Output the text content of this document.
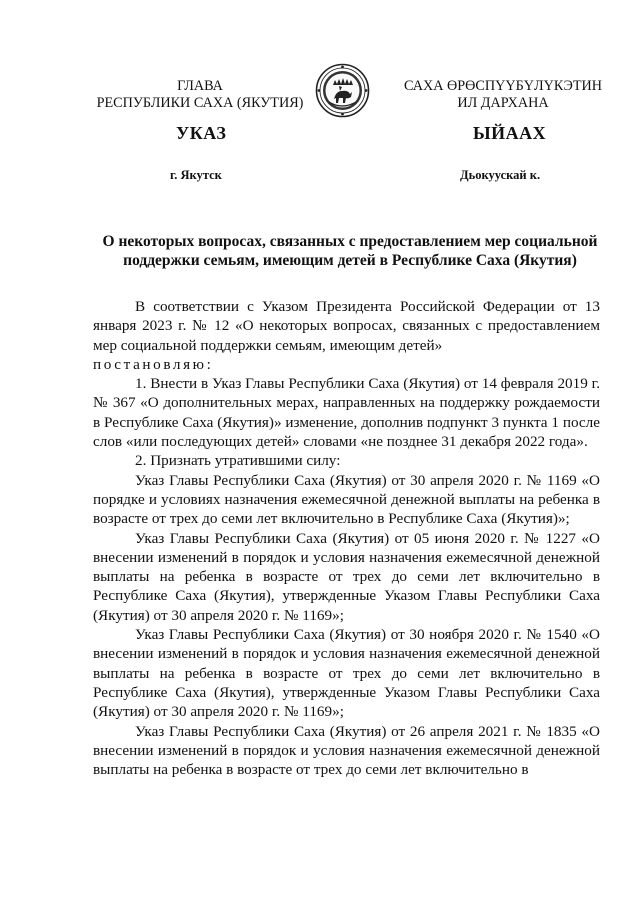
ГЛАВА
РЕСПУБЛИКИ САХА (ЯКУТИЯ)
САХА ӨРӨСПҮҮБҮЛҮКЭТИН
ИЛ ДАРХАНА
УКАЗ	ЫЙААХ
г. Якутск	Дьокуускай к.
О некоторых вопросах, связанных с предоставлением мер социальной
поддержки семьям, имеющим детей в Республике Саха (Якутия)

В соответствии с Указом Президента Российской Федерации от 13 января 2023 г. № 12 «О некоторых вопросах, связанных с предоставлением мер социальной поддержки семьям, имеющим детей»

постановляю:

1. Внести в Указ Главы Республики Саха (Якутия) от 14 февраля 2019 г. № 367 «О дополнительных мерах, направленных на поддержку рождаемости в Республике Саха (Якутия)» изменение, дополнив подпункт 3 пункта 1 после слов «или последующих детей» словами «не позднее 31 декабря 2022 года».

2. Признать утратившими силу:

Указ Главы Республики Саха (Якутия) от 30 апреля 2020 г. № 1169 «О порядке и условиях назначения ежемесячной денежной выплаты на ребенка в возрасте от трех до семи лет включительно в Республике Саха (Якутия)»;

Указ Главы Республики Саха (Якутия) от 05 июня 2020 г. № 1227 «О внесении изменений в порядок и условия назначения ежемесячной денежной выплаты на ребенка в возрасте от трех до семи лет включительно в Республике Саха (Якутия), утвержденные Указом Главы Республики Саха (Якутия) от 30 апреля 2020 г. № 1169»;

Указ Главы Республики Саха (Якутия) от 30 ноября 2020 г. № 1540 «О внесении изменений в порядок и условия назначения ежемесячной денежной выплаты на ребенка в возрасте от трех до семи лет включительно в Республике Саха (Якутия), утвержденные Указом Главы Республики Саха (Якутия) от 30 апреля 2020 г. № 1169»;

Указ Главы Республики Саха (Якутия) от 26 апреля 2021 г. № 1835 «О внесении изменений в порядок и условия назначения ежемесячной денежной выплаты на ребенка в возрасте от трех до семи лет включительно в
